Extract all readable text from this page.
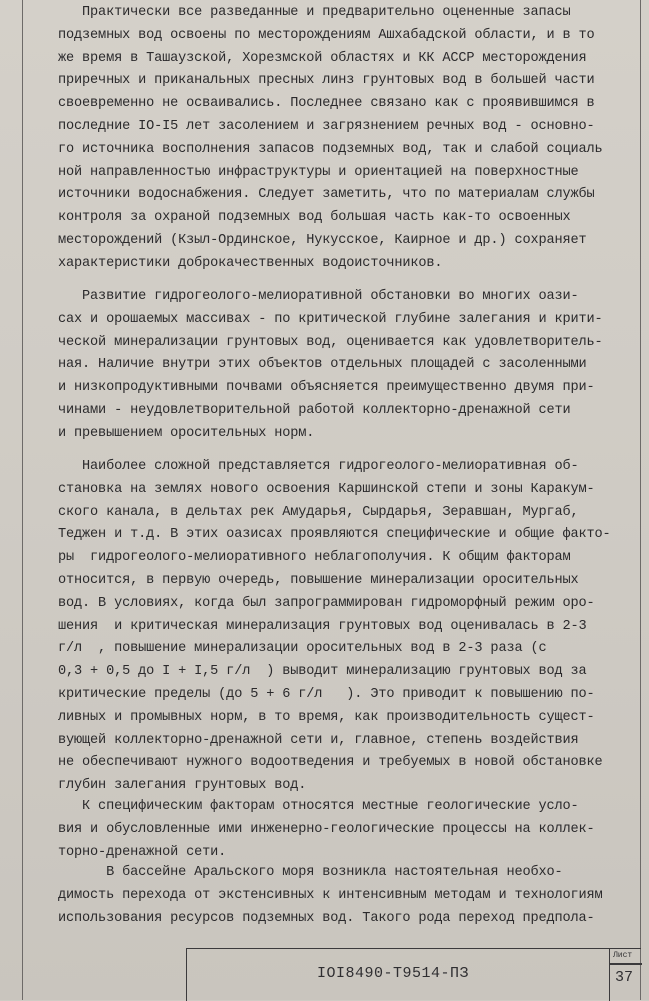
Практически все разведанные и предварительно оцененные запасы
подземных вод освоены по месторождениям Ашхабадской области, и в то
же время в Ташаузской, Хорезмской областях и КК АССР месторождения
приречных и приканальных пресных линз грунтовых вод в большей части
своевременно не осваивались. Последнее связано как с проявившимся в
последние IO-I5 лет засолением и загрязнением речных вод - основно-
го источника восполнения запасов подземных вод, так и слабой социаль
ной направленностью инфраструктуры и ориентацией на поверхностные
источники водоснабжения. Следует заметить, что по материалам службы
контроля за охраной подземных вод большая часть как-то освоенных
месторождений (Кзыл-Ординское, Нукусское, Каирное и др.) сохраняет
характеристики доброкачественных водоисточников.
Развитие гидрогеолого-мелиоративной обстановки во многих оази-
сах и орошаемых массивах - по критической глубине залегания и крити-
ческой минерализации грунтовых вод, оценивается как удовлетворитель-
ная. Наличие внутри этих объектов отдельных площадей с засоленными
и низкопродуктивными почвами объясняется преимущественно двумя при-
чинами - неудовлетворительной работой коллекторно-дренажной сети
и превышением оросительных норм.
Наиболее сложной представляется гидрогеолого-мелиоративная об-
становка на землях нового освоения Каршинской степи и зоны Каракум-
ского канала, в дельтах рек Амударья, Сырдарья, Зеравшан, Мургаб,
Теджен и т.д. В этих оазисах проявляются специфические и общие факто-
ры  гидрогеолого-мелиоративного неблагополучия. К общим факторам
относится, в первую очередь, повышение минерализации оросительных
вод. В условиях, когда был запрограммирован гидроморфный режим оро-
шения  и критическая минерализация грунтовых вод оценивалась в 2-3
г/л  , повышение минерализации оросительных вод в 2-3 раза (с
0,3 + 0,5 до I + I,5 г/л  ) выводит минерализацию грунтовых вод за
критические пределы (до 5 + 6 г/л   ). Это приводит к повышению по-
ливных и промывных норм, в то время, как производительность сущест-
вующей коллекторно-дренажной сети и, главное, степень воздействия
не обеспечивают нужного водоотведения и требуемых в новой обстановке
глубин залегания грунтовых вод.
К специфическим факторам относятся местные геологические усло-
вия и обусловленные ими инженерно-геологические процессы на коллек-
торно-дренажной сети.
В бассейне Аральского моря возникла настоятельная необхо-
димость перехода от экстенсивных к интенсивным методам и технологиям
использования ресурсов подземных вод. Такого рода переход предпола-
IOI8490-Т9514-ПЗ
Лист
37
